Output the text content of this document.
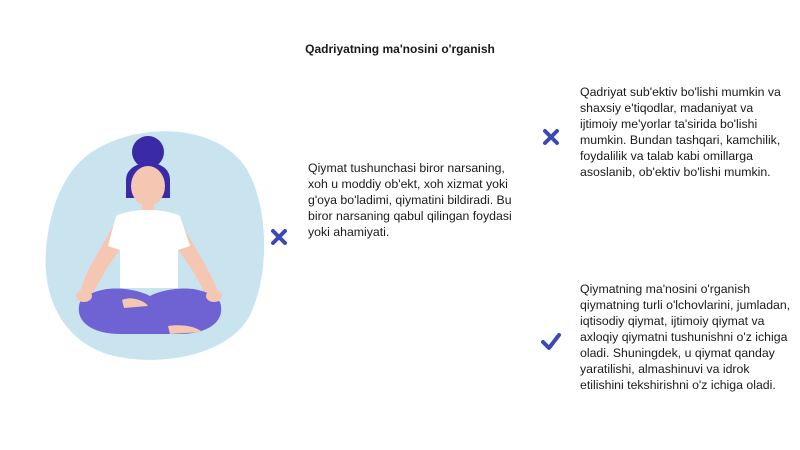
Qadriyatning ma'nosini o'rganish

Qiymat tushunchasi biror narsaning, xoh u moddiy ob'ekt, xoh xizmat yoki g'oya bo'ladimi, qiymatini bildiradi. Bu biror narsaning qabul qilingan foydasi yoki ahamiyati.

Qadriyat sub'ektiv bo'lishi mumkin va shaxsiy e'tiqodlar, madaniyat va ijtimoiy me'yorlar ta'sirida bo'lishi mumkin. Bundan tashqari, kamchilik, foydalilik va talab kabi omillarga asoslanib, ob'ektiv bo'lishi mumkin.

Qiymatning ma'nosini o'rganish qiymatning turli o'lchovlarini, jumladan, iqtisodiy qiymat, ijtimoiy qiymat va axloqiy qiymatni tushunishni o'z ichiga oladi. Shuningdek, u qiymat qanday yaratilishi, almashinuvi va idrok etilishini tekshirishni o'z ichiga oladi.
